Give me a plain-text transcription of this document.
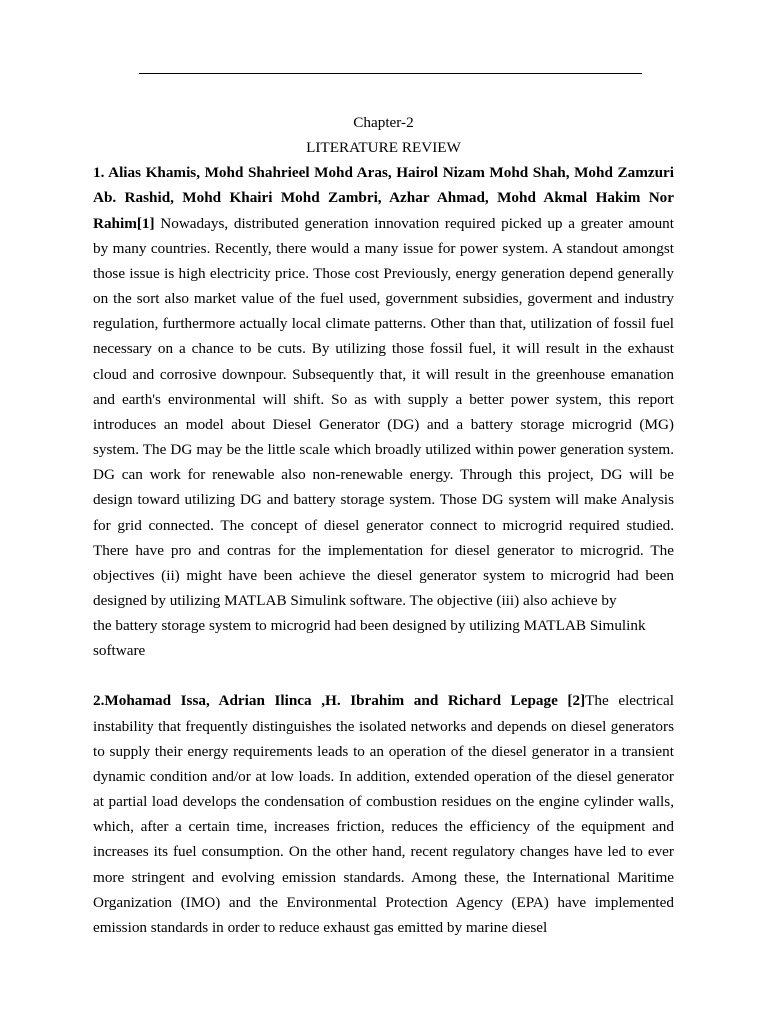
Chapter-2

LITERATURE REVIEW

1. Alias Khamis, Mohd Shahrieel Mohd Aras, Hairol Nizam Mohd Shah, Mohd Zamzuri Ab. Rashid, Mohd Khairi Mohd Zambri, Azhar Ahmad, Mohd Akmal Hakim Nor Rahim[1] Nowadays, distributed generation innovation required picked up a greater amount by many countries. Recently, there would a many issue for power system. A standout amongst those issue is high electricity price. Those cost Previously, energy generation depend generally on the sort also market value of the fuel used, government subsidies, goverment and industry regulation, furthermore actually local climate patterns. Other than that, utilization of fossil fuel necessary on a chance to be cuts. By utilizing those fossil fuel, it will result in the exhaust cloud and corrosive downpour. Subsequently that, it will result in the greenhouse emanation and earth's environmental will shift. So as with supply a better power system, this report introduces an model about Diesel Generator (DG) and a battery storage microgrid (MG) system. The DG may be the little scale which broadly utilized within power generation system. DG can work for renewable also non-renewable energy. Through this project, DG will be design toward utilizing DG and battery storage system. Those DG system will make Analysis for grid connected. The concept of diesel generator connect to microgrid required studied. There have pro and contras for the implementation for diesel generator to microgrid. The objectives (ii) might have been achieve the diesel generator system to microgrid had been designed by utilizing MATLAB Simulink software. The objective (iii) also achieve by

the battery storage system to microgrid had been designed by utilizing MATLAB Simulink software

2.Mohamad Issa, Adrian Ilinca ,H. Ibrahim and Richard Lepage [2]The electrical instability that frequently distinguishes the isolated networks and depends on diesel generators to supply their energy requirements leads to an operation of the diesel generator in a transient dynamic condition and/or at low loads. In addition, extended operation of the diesel generator at partial load develops the condensation of combustion residues on the engine cylinder walls, which, after a certain time, increases friction, reduces the efficiency of the equipment and increases its fuel consumption. On the other hand, recent regulatory changes have led to ever more stringent and evolving emission standards. Among these, the International Maritime Organization (IMO) and the Environmental Protection Agency (EPA) have implemented emission standards in order to reduce exhaust gas emitted by marine diesel
